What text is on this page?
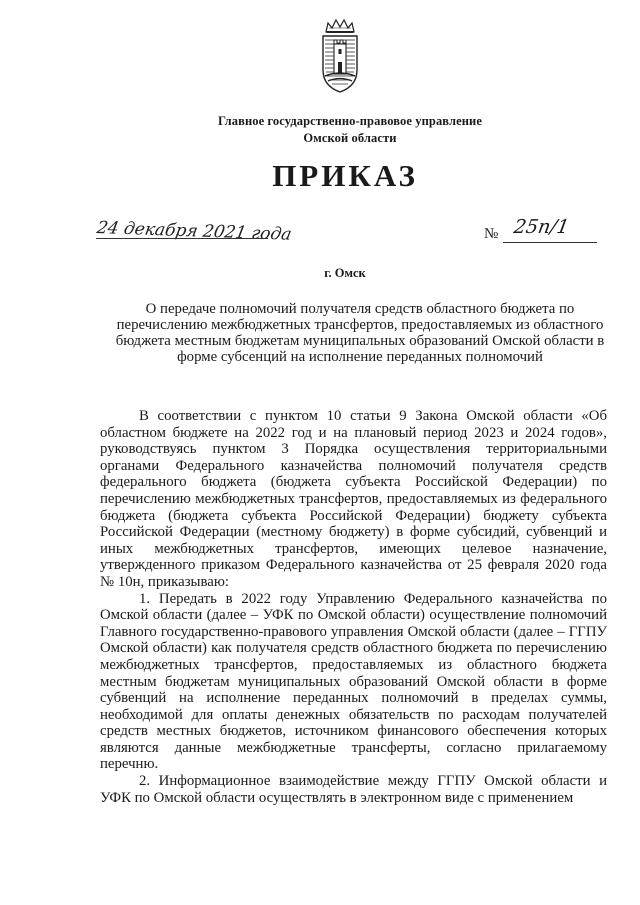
Главное государственно-правовое управление
Омской области
ПРИКАЗ
24 декабря 2021 года	№ 25п/1
г. Омск
О передаче полномочий получателя средств областного бюджета по перечислению межбюджетных трансфертов, предоставляемых из областного бюджета местным бюджетам муниципальных образований Омской области в форме субсенций на исполнение переданных полномочий

В соответствии с пунктом 10 статьи 9 Закона Омской области «Об областном бюджете на 2022 год и на плановый период 2023 и 2024 годов», руководствуясь пунктом 3 Порядка осуществления территориальными органами Федерального казначейства полномочий получателя средств федерального бюджета (бюджета субъекта Российской Федерации) по перечислению межбюджетных трансфертов, предоставляемых из федерального бюджета (бюджета субъекта Российской Федерации) бюджету субъекта Российской Федерации (местному бюджету) в форме субсидий, субвенций и иных межбюджетных трансфертов, имеющих целевое назначение, утвержденного приказом Федерального казначейства от 25 февраля 2020 года № 10н, приказываю:

1. Передать в 2022 году Управлению Федерального казначейства по Омской области (далее – УФК по Омской области) осуществление полномочий Главного государственно-правового управления Омской области (далее – ГГПУ Омской области) как получателя средств областного бюджета по перечислению межбюджетных трансфертов, предоставляемых из областного бюджета местным бюджетам муниципальных образований Омской области в форме субвенций на исполнение переданных полномочий в пределах суммы, необходимой для оплаты денежных обязательств по расходам получателей средств местных бюджетов, источником финансового обеспечения которых являются данные межбюджетные трансферты, согласно прилагаемому перечню.

2. Информационное взаимодействие между ГГПУ Омской области и УФК по Омской области осуществлять в электронном виде с применением
